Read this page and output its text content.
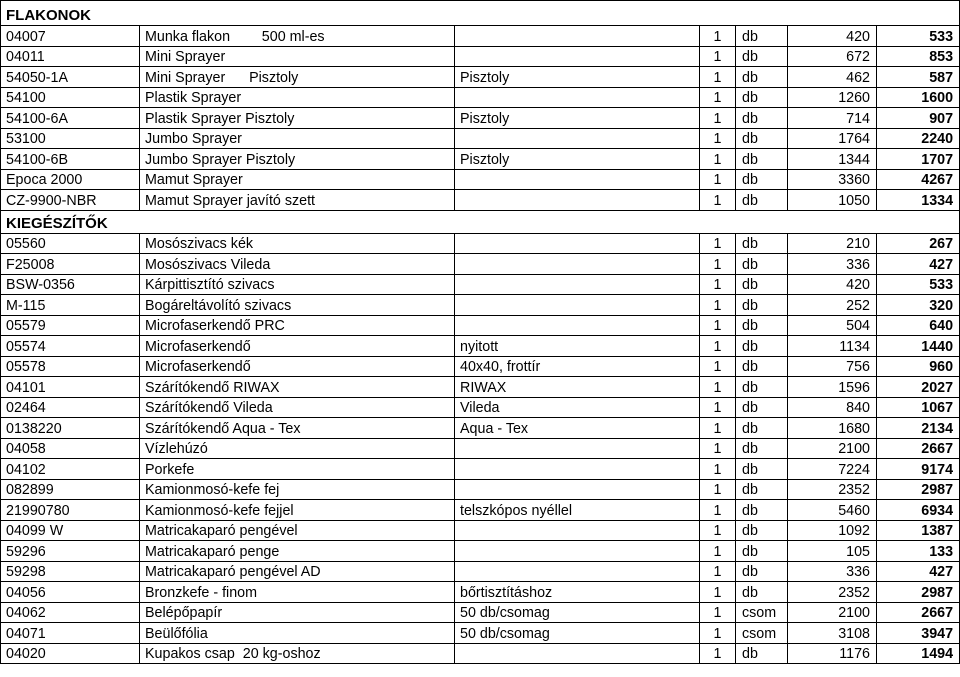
FLAKONOK						
04007	Munka flakon        500 ml-es		1	db	420	533
04011	Mini Sprayer		1	db	672	853
54050-1A	Mini Sprayer      Pisztoly	Pisztoly	1	db	462	587
54100	Plastik Sprayer		1	db	1260	1600
54100-6A	Plastik Sprayer Pisztoly	Pisztoly	1	db	714	907
53100	Jumbo Sprayer		1	db	1764	2240
54100-6B	Jumbo Sprayer Pisztoly	Pisztoly	1	db	1344	1707
Epoca 2000	Mamut Sprayer		1	db	3360	4267
CZ-9900-NBR	Mamut Sprayer javító szett		1	db	1050	1334
KIEGÉSZÍTŐK						
05560	Mosószivacs kék		1	db	210	267
F25008	Mosószivacs Vileda		1	db	336	427
BSW-0356	Kárpittisztító szivacs		1	db	420	533
M-115	Bogáreltávolító szivacs		1	db	252	320
05579	Microfaserkendő PRC		1	db	504	640
05574	Microfaserkendő	nyitott	1	db	1134	1440
05578	Microfaserkendő	40x40, frottír	1	db	756	960
04101	Szárítókendő RIWAX	RIWAX	1	db	1596	2027
02464	Szárítókendő Vileda	Vileda	1	db	840	1067
0138220	Szárítókendő Aqua - Tex	Aqua - Tex	1	db	1680	2134
04058	Vízlehúzó		1	db	2100	2667
04102	Porkefe		1	db	7224	9174
082899	Kamionmosó-kefe fej		1	db	2352	2987
21990780	Kamionmosó-kefe fejjel	telszkópos nyéllel	1	db	5460	6934
04099 W	Matricakaparó pengével		1	db	1092	1387
59296	Matricakaparó penge		1	db	105	133
59298	Matricakaparó pengével AD		1	db	336	427
04056	Bronzkefe - finom	bőrtisztításhoz	1	db	2352	2987
04062	Belépőpapír	50 db/csomag	1	csom	2100	2667
04071	Beülőfólia	50 db/csomag	1	csom	3108	3947
04020	Kupakos csap  20 kg-oshoz		1	db	1176	1494
